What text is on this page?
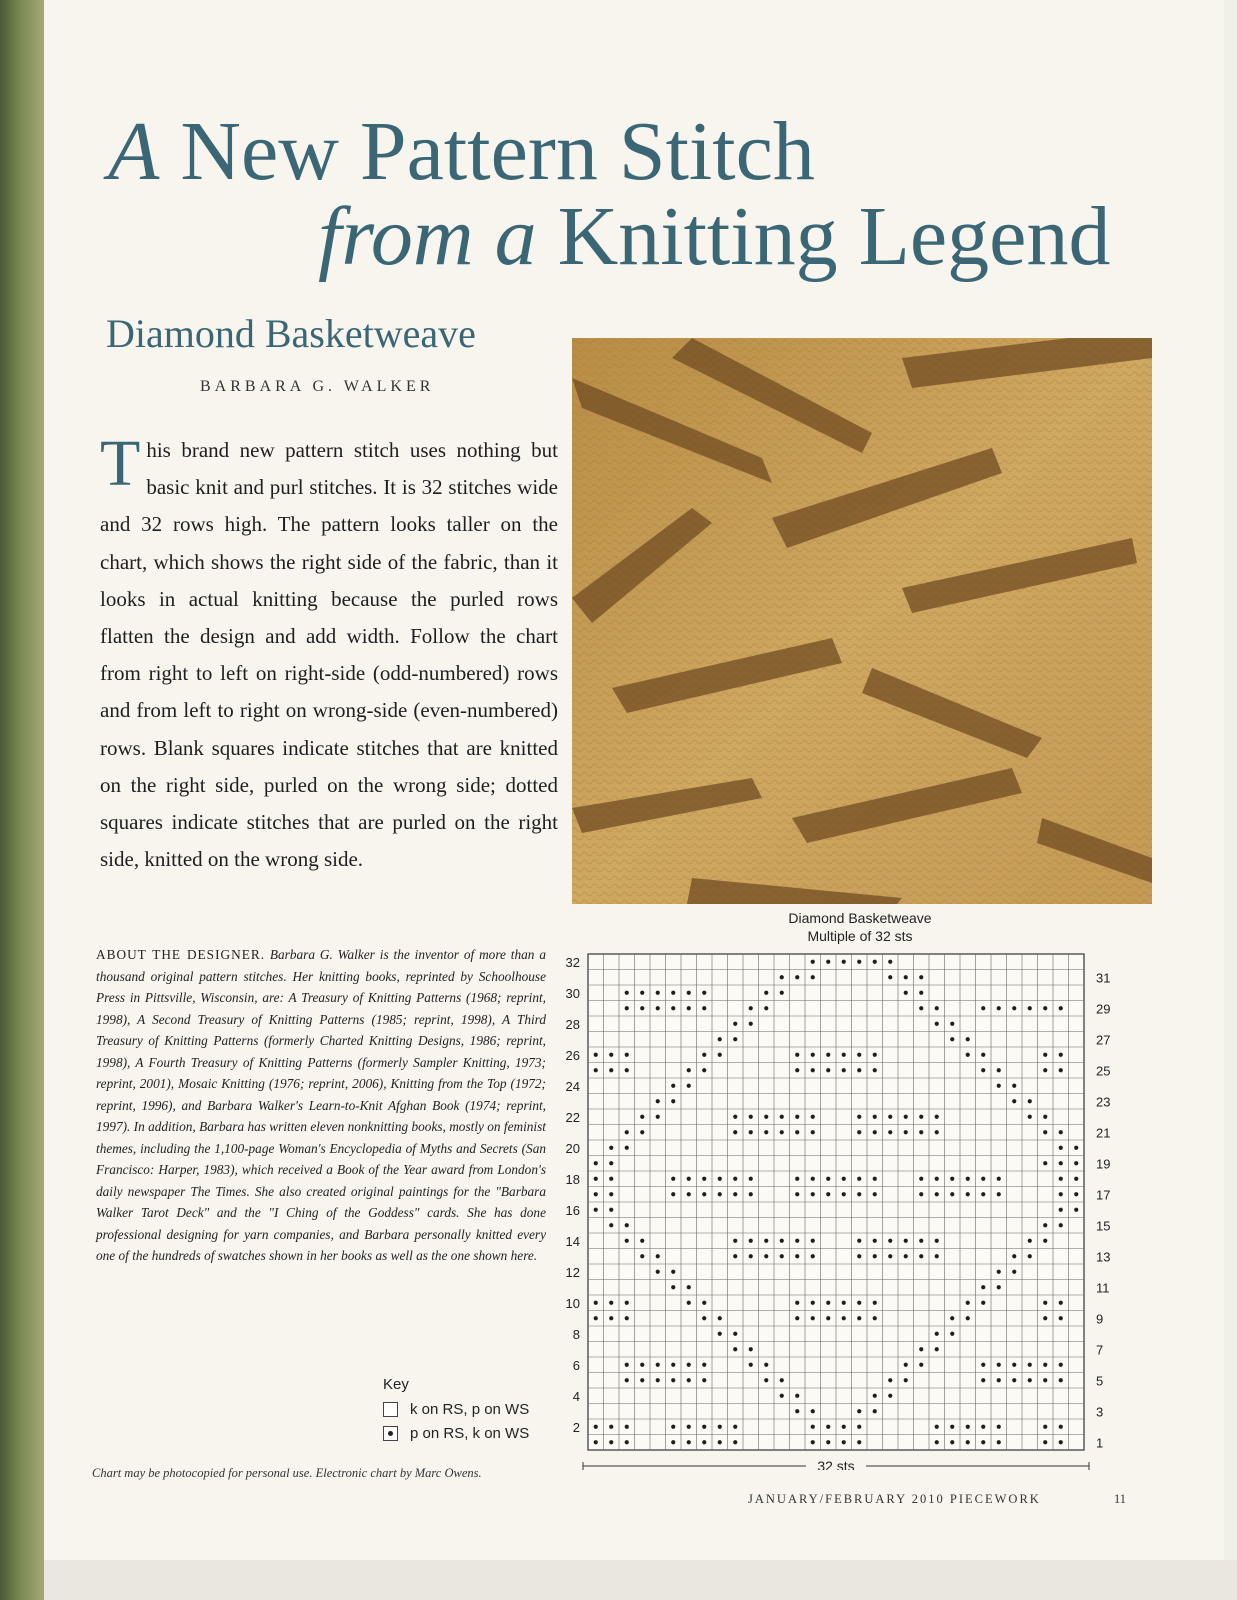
A New Pattern Stitch
from a Knitting Legend
Diamond Basketweave
BARBARA G. WALKER
This brand new pattern stitch uses nothing but basic knit and purl stitches. It is 32 stitches wide and 32 rows high. The pattern looks taller on the chart, which shows the right side of the fabric, than it looks in actual knitting because the purled rows flatten the design and add width. Follow the chart from right to left on right-side (odd-numbered) rows and from left to right on wrong-side (even-numbered) rows. Blank squares indicate stitches that are knitted on the right side, purled on the wrong side; dotted squares indicate stitches that are purled on the right side, knitted on the wrong side.
ABOUT THE DESIGNER. Barbara G. Walker is the inventor of more than a thousand original pattern stitches. Her knitting books, reprinted by Schoolhouse Press in Pittsville, Wisconsin, are: A Treasury of Knitting Patterns (1968; reprint, 1998), A Second Treasury of Knitting Patterns (1985; reprint, 1998), A Third Treasury of Knitting Patterns (formerly Charted Knitting Designs, 1986; reprint, 1998), A Fourth Treasury of Knitting Patterns (formerly Sampler Knitting, 1973; reprint, 2001), Mosaic Knitting (1976; reprint, 2006), Knitting from the Top (1972; reprint, 1996), and Barbara Walker's Learn-to-Knit Afghan Book (1974; reprint, 1997). In addition, Barbara has written eleven nonknitting books, mostly on feminist themes, including the 1,100-page Woman's Encyclopedia of Myths and Secrets (San Francisco: Harper, 1983), which received a Book of the Year award from London's daily newspaper The Times. She also created original paintings for the "Barbara Walker Tarot Deck" and the "I Ching of the Goddess" cards. She has done professional designing for yarn companies, and Barbara personally knitted every one of the hundreds of swatches shown in her books as well as the one shown here.
Key
k on RS, p on WS
p on RS, k on WS
Chart may be photocopied for personal use. Electronic chart by Marc Owens.
Diamond Basketweave
Multiple of 32 sts
32
30
28
26
24
22
20
18
16
14
12
10
8
6
4
2
31
29
27
25
23
21
19
17
15
13
11
9
7
5
3
1
32 sts
JANUARY/FEBRUARY 2010 PIECEWORK	11
